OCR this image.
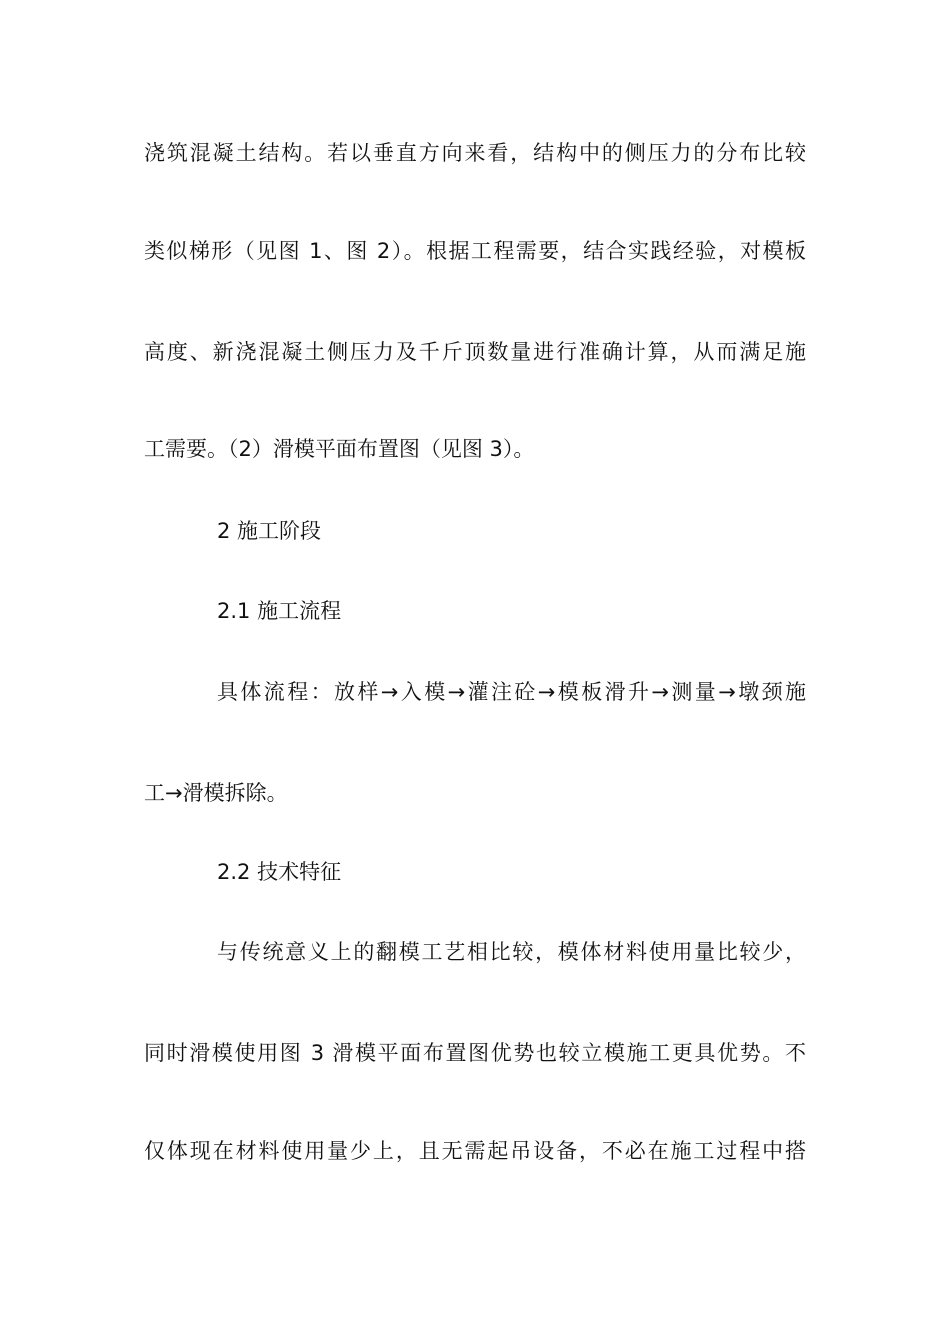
浇筑混凝土结构。若以垂直方向来看，结构中的侧压力的分布比较
类似梯形（见图 1、图 2）。根据工程需要，结合实践经验，对模板
高度、新浇混凝土侧压力及千斤顶数量进行准确计算，从而满足施
工需要。（2）滑模平面布置图（见图 3）。
2 施工阶段
2.1 施工流程
具体流程：放样→入模→灌注砼→模板滑升→测量→墩颈施
工→滑模拆除。
2.2 技术特征
与传统意义上的翻模工艺相比较，模体材料使用量比较少，
同时滑模使用图 3 滑模平面布置图优势也较立模施工更具优势。不
仅体现在材料使用量少上，且无需起吊设备，不必在施工过程中搭
